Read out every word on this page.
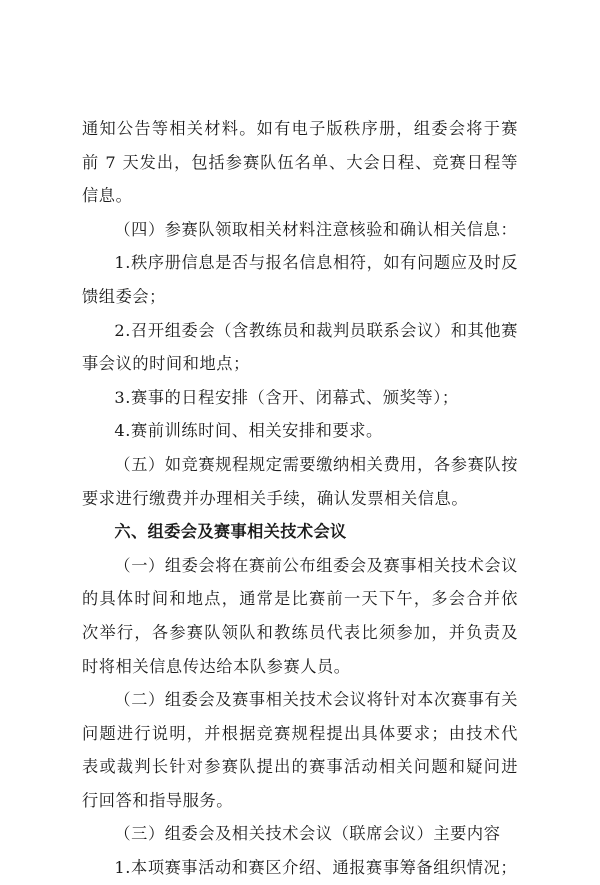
通知公告等相关材料。如有电子版秩序册，组委会将于赛前 7 天发出，包括参赛队伍名单、大会日程、竞赛日程等信息。

（四）参赛队领取相关材料注意核验和确认相关信息：

1.秩序册信息是否与报名信息相符，如有问题应及时反馈组委会；

2.召开组委会（含教练员和裁判员联系会议）和其他赛事会议的时间和地点；

3.赛事的日程安排（含开、闭幕式、颁奖等）；

4.赛前训练时间、相关安排和要求。

（五）如竞赛规程规定需要缴纳相关费用，各参赛队按要求进行缴费并办理相关手续，确认发票相关信息。

六、组委会及赛事相关技术会议

（一）组委会将在赛前公布组委会及赛事相关技术会议的具体时间和地点，通常是比赛前一天下午，多会合并依次举行，各参赛队领队和教练员代表比须参加，并负责及时将相关信息传达给本队参赛人员。

（二）组委会及赛事相关技术会议将针对本次赛事有关问题进行说明，并根据竞赛规程提出具体要求；由技术代表或裁判长针对参赛队提出的赛事活动相关问题和疑问进行回答和指导服务。

（三）组委会及相关技术会议（联席会议）主要内容

1.本项赛事活动和赛区介绍、通报赛事筹备组织情况；
